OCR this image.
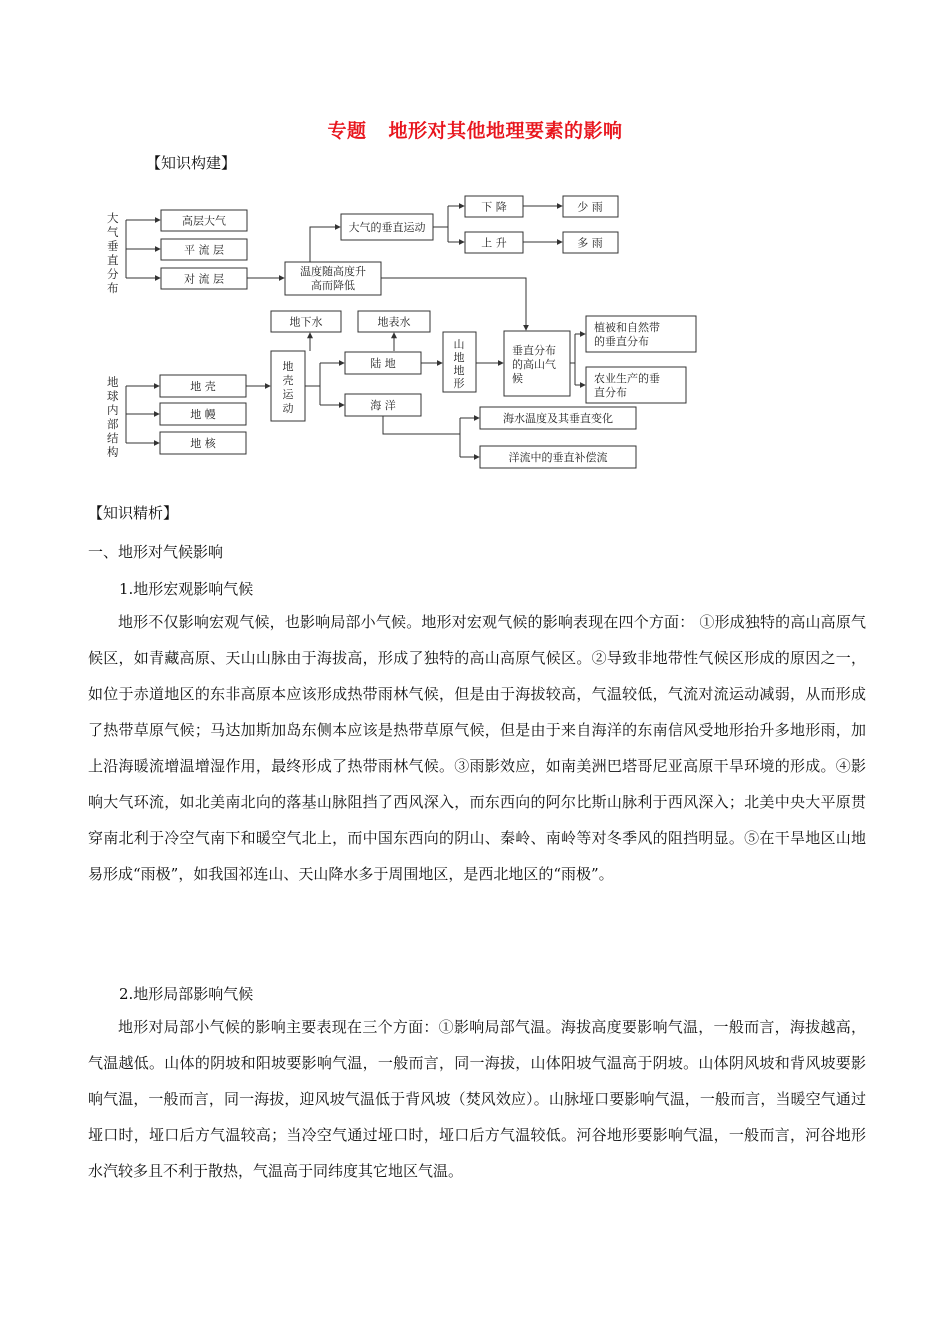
专题 地形对其他地理要素的影响
【知识构建】
大
气
垂
直
分
布
地
球
内
部
结
构
高层大气
平 流 层
对 流 层
温度随高度升
高而降低
大气的垂直运动
下 降
上 升
少 雨
多 雨
地下水	地表水
地 壳
地 幔
地 核
地
壳
运
动
陆 地
海 洋
山
地
地
形
垂直分布
的高山气
候
植被和自然带
的垂直分布
农业生产的垂
直分布
海水温度及其垂直变化
洋流中的垂直补偿流
【知识精析】
一、地形对气候影响
1.地形宏观影响气候

地形不仅影响宏观气候，也影响局部小气候。地形对宏观气候的影响表现在四个方面： ①形成独特的高山高原气候区，如青藏高原、天山山脉由于海拔高，形成了独特的高山高原气候区。②导致非地带性气候区形成的原因之一，如位于赤道地区的东非高原本应该形成热带雨林气候，但是由于海拔较高，气温较低，气流对流运动减弱，从而形成了热带草原气候；马达加斯加岛东侧本应该是热带草原气候，但是由于来自海洋的东南信风受地形抬升多地形雨，加上沿海暖流增温增湿作用，最终形成了热带雨林气候。③雨影效应，如南美洲巴塔哥尼亚高原干旱环境的形成。④影响大气环流，如北美南北向的落基山脉阻挡了西风深入，而东西向的阿尔比斯山脉利于西风深入；北美中央大平原贯穿南北利于冷空气南下和暖空气北上，而中国东西向的阴山、秦岭、南岭等对冬季风的阻挡明显。⑤在干旱地区山地易形成“雨极”，如我国祁连山、天山降水多于周围地区，是西北地区的“雨极”。

2.地形局部影响气候

地形对局部小气候的影响主要表现在三个方面：①影响局部气温。海拔高度要影响气温，一般而言，海拔越高，气温越低。山体的阴坡和阳坡要影响气温，一般而言，同一海拔，山体阳坡气温高于阴坡。山体阴风坡和背风坡要影响气温，一般而言，同一海拔，迎风坡气温低于背风坡（焚风效应）。山脉垭口要影响气温，一般而言，当暖空气通过垭口时，垭口后方气温较高；当冷空气通过垭口时，垭口后方气温较低。河谷地形要影响气温，一般而言，河谷地形水汽较多且不利于散热，气温高于同纬度其它地区气温。
